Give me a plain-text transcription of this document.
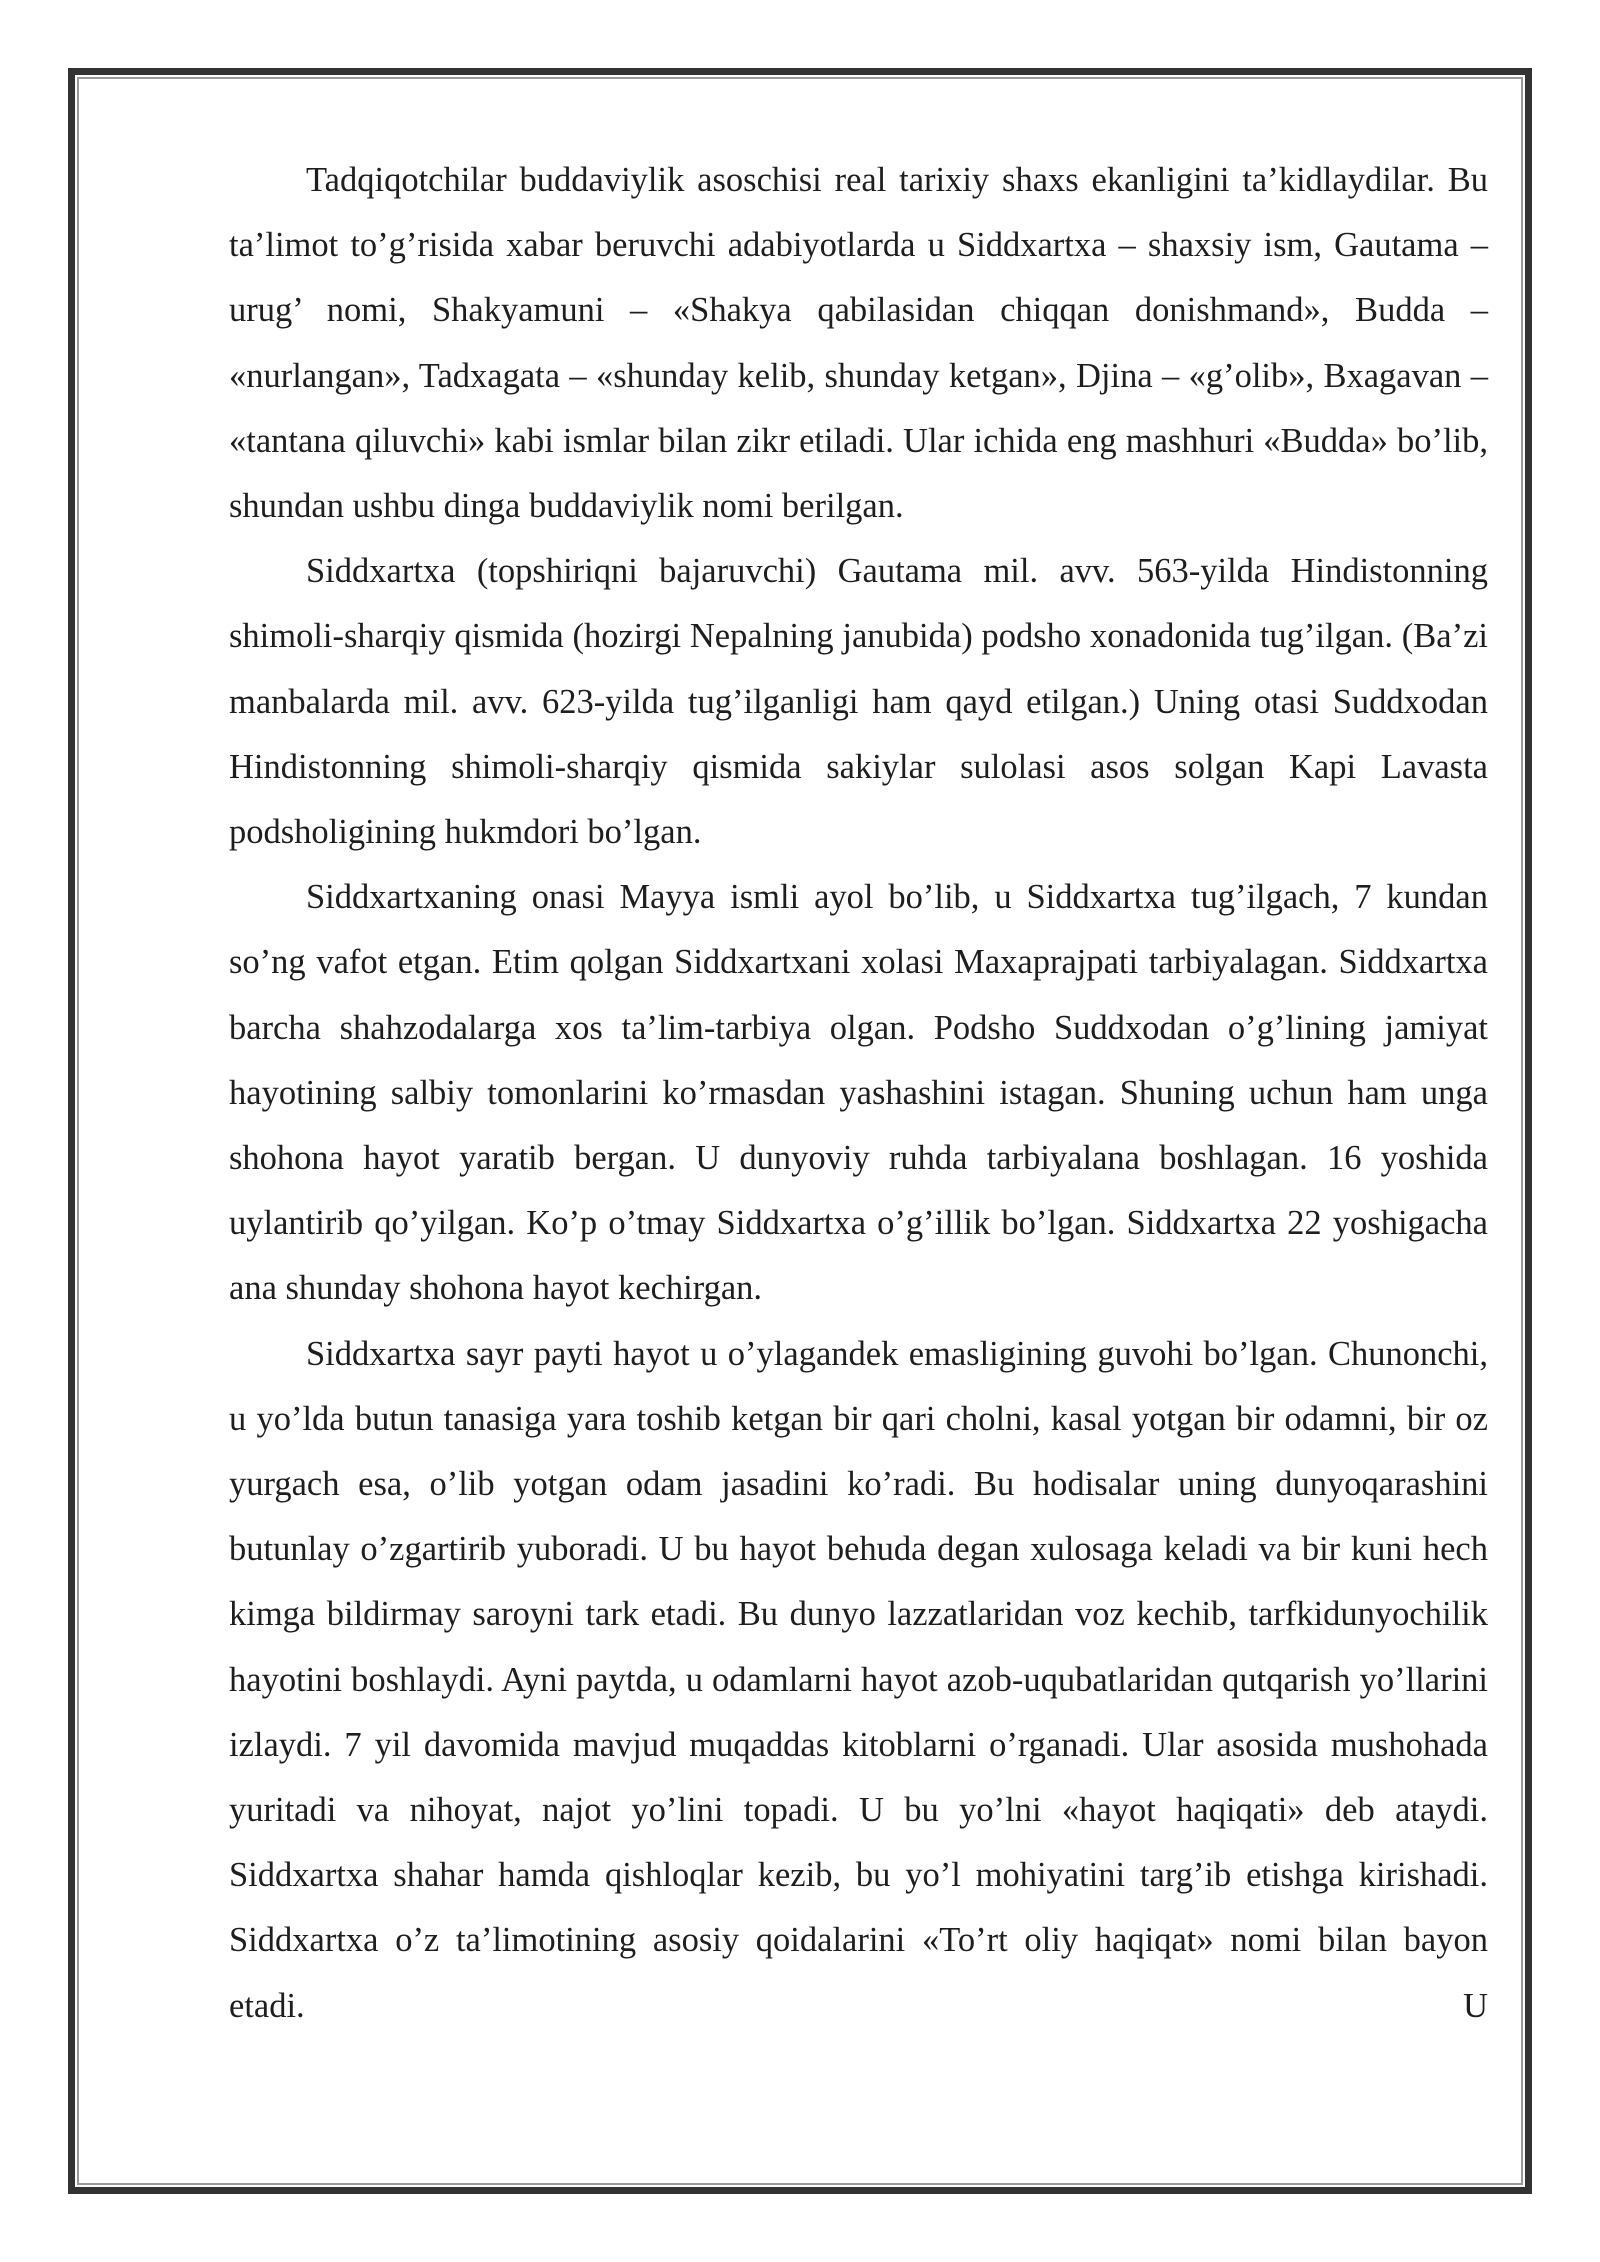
Tadqiqotchilar buddaviylik asoschisi real tarixiy shaxs ekanligini ta’kidlaydilar. Bu ta’limot to’g’risida xabar beruvchi adabiyotlarda u Siddxartxa – shaxsiy ism, Gautama – urug’ nomi, Shakyamuni – «Shakya qabilasidan chiqqan donishmand», Budda – «nurlangan», Tadxagata – «shunday kelib, shunday ketgan», Djina – «g’olib», Bxagavan – «tantana qiluvchi» kabi ismlar bilan zikr etiladi. Ular ichida eng mashhuri «Budda» bo’lib, shundan ushbu dinga buddaviylik nomi berilgan.

Siddxartxa (topshiriqni bajaruvchi) Gautama mil. avv. 563-yilda Hindistonning shimoli-sharqiy qismida (hozirgi Nepalning janubida) podsho xonadonida tug’ilgan. (Ba’zi manbalarda mil. avv. 623-yilda tug’ilganligi ham qayd etilgan.) Uning otasi Suddxodan Hindistonning shimoli-sharqiy qismida sakiylar sulolasi asos solgan Kapi Lavasta podsholigining hukmdori bo’lgan.

Siddxartxaning onasi Mayya ismli ayol bo’lib, u Siddxartxa tug’ilgach, 7 kundan so’ng vafot etgan. Etim qolgan Siddxartxani xolasi Maxaprajpati tarbiyalagan. Siddxartxa barcha shahzodalarga xos ta’lim-tarbiya olgan. Podsho Suddxodan o’g’lining jamiyat hayotining salbiy tomonlarini ko’rmasdan yashashini istagan. Shuning uchun ham unga shohona hayot yaratib bergan. U dunyoviy ruhda tarbiyalana boshlagan. 16 yoshida uylantirib qo’yilgan. Ko’p o’tmay Siddxartxa o’g’illik bo’lgan. Siddxartxa 22 yoshigacha ana shunday shohona hayot kechirgan.

Siddxartxa sayr payti hayot u o’ylagandek emasligining guvohi bo’lgan. Chunonchi, u yo’lda butun tanasiga yara toshib ketgan bir qari cholni, kasal yotgan bir odamni, bir oz yurgach esa, o’lib yotgan odam jasadini ko’radi. Bu hodisalar uning dunyoqarashini butunlay o’zgartirib yuboradi. U bu hayot behuda degan xulosaga keladi va bir kuni hech kimga bildirmay saroyni tark etadi. Bu dunyo lazzatlaridan voz kechib, tarfkidunyochilik hayotini boshlaydi. Ayni paytda, u odamlarni hayot azob-uqubatlaridan qutqarish yo’llarini izlaydi. 7 yil davomida mavjud muqaddas kitoblarni o’rganadi. Ular asosida mushohada yuritadi va nihoyat, najot yo’lini topadi. U bu yo’lni «hayot haqiqati» deb ataydi. Siddxartxa shahar hamda qishloqlar kezib, bu yo’l mohiyatini targ’ib etishga kirishadi. Siddxartxa o’z ta’limotining asosiy qoidalarini «To’rt oliy haqiqat» nomi bilan bayon etadi. U
